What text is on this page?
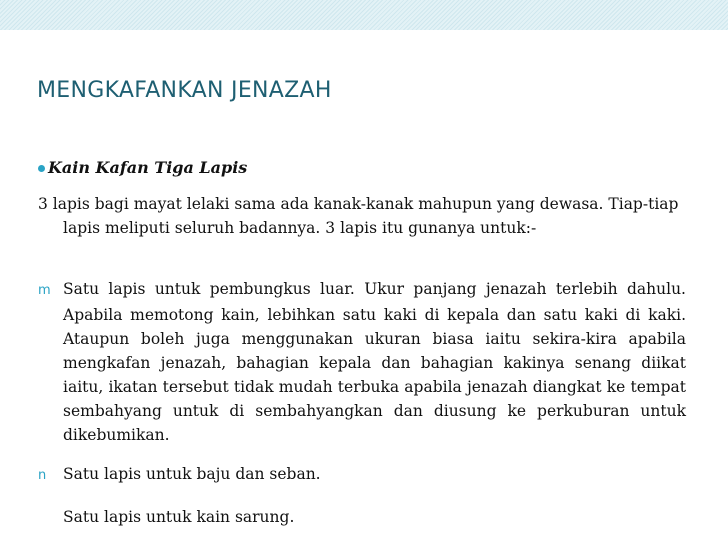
MENGKAFANKAN JENAZAH
Kain Kafan Tiga Lapis
3 lapis bagi mayat lelaki sama ada kanak-kanak mahupun yang dewasa. Tiap-tiap lapis meliputi seluruh badannya. 3 lapis itu gunanya untuk:-
m Satu lapis untuk pembungkus luar. Ukur panjang jenazah terlebih dahulu. Apabila memotong kain, lebihkan satu kaki di kepala dan satu kaki di kaki. Ataupun boleh juga menggunakan ukuran biasa iaitu sekira-kira apabila mengkafan jenazah, bahagian kepala dan bahagian kakinya senang diikat iaitu, ikatan tersebut tidak mudah terbuka apabila jenazah diangkat ke tempat sembahyang untuk di sembahyangkan dan diusung ke perkuburan untuk dikebumikan.
n Satu lapis untuk baju dan seban.
Satu lapis untuk kain sarung.
